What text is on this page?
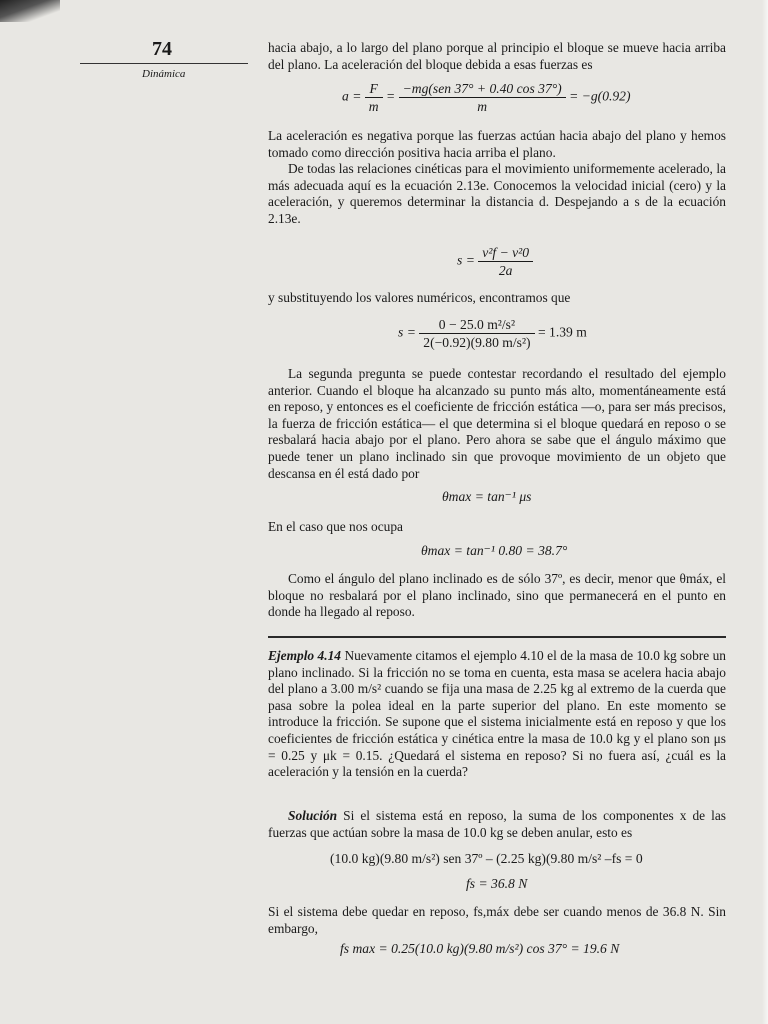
74
Dinámica
hacia abajo, a lo largo del plano porque al principio el bloque se mueve hacia arriba del plano. La aceleración del bloque debida a esas fuerzas es
$a = \frac{F}{m} = \frac{\text{−mg(sen 37° + 0.40 cos 37°)}}{m} = -g(0.92)$
La aceleración es negativa porque las fuerzas actúan hacia abajo del plano y hemos tomado como dirección positiva hacia arriba el plano.
De todas las relaciones cinéticas para el movimiento uniformemente acelerado, la más adecuada aquí es la ecuación 2.13e. Conocemos la velocidad inicial (cero) y la aceleración, y queremos determinar la distancia d. Despejando a s de la ecuación 2.13e.
$s = \frac{\text{v²f − v²0}}{2a}$
y substituyendo los valores numéricos, encontramos que
$s = \frac{\text{0 − 25.0 m²/s²}}{\text{2(−0.92)(9.80 m/s²)}} = 1.39$ m
La segunda pregunta se puede contestar recordando el resultado del ejemplo anterior. Cuando el bloque ha alcanzado su punto más alto, momentáneamente está en reposo, y entonces es el coeficiente de fricción estática —o, para ser más precisos, la fuerza de fricción estática— el que determina si el bloque quedará en reposo o se resbalará hacia abajo por el plano. Pero ahora se sabe que el ángulo máximo que puede tener un plano inclinado sin que provoque movimiento de un objeto que descansa en él está dado por
θmax = tan⁻¹ μs
En el caso que nos ocupa
θmax = tan⁻¹ 0.80 = 38.7°
Como el ángulo del plano inclinado es de sólo 37º, es decir, menor que θmáx, el bloque no resbalará por el plano inclinado, sino que permanecerá en el punto en donde ha llegado al reposo.
Ejemplo 4.14 Nuevamente citamos el ejemplo 4.10 el de la masa de 10.0 kg sobre un plano inclinado. Si la fricción no se toma en cuenta, esta masa se acelera hacia abajo del plano a 3.00 m/s² cuando se fija una masa de 2.25 kg al extremo de la cuerda que pasa sobre la polea ideal en la parte superior del plano. En este momento se introduce la fricción. Se supone que el sistema inicialmente está en reposo y que los coeficientes de fricción estática y cinética entre la masa de 10.0 kg y el plano son μs = 0.25 y μk = 0.15. ¿Quedará el sistema en reposo? Si no fuera así, ¿cuál es la aceleración y la tensión en la cuerda?
Solución Si el sistema está en reposo, la suma de los componentes x de las fuerzas que actúan sobre la masa de 10.0 kg se deben anular, esto es
(10.0 kg)(9.80 m/s²) sen 37º – (2.25 kg)(9.80 m/s² –fs = 0
fs = 36.8 N
Si el sistema debe quedar en reposo, fs,máx debe ser cuando menos de 36.8 N. Sin embargo,
fs max = 0.25(10.0 kg)(9.80 m/s²) cos 37° = 19.6 N
